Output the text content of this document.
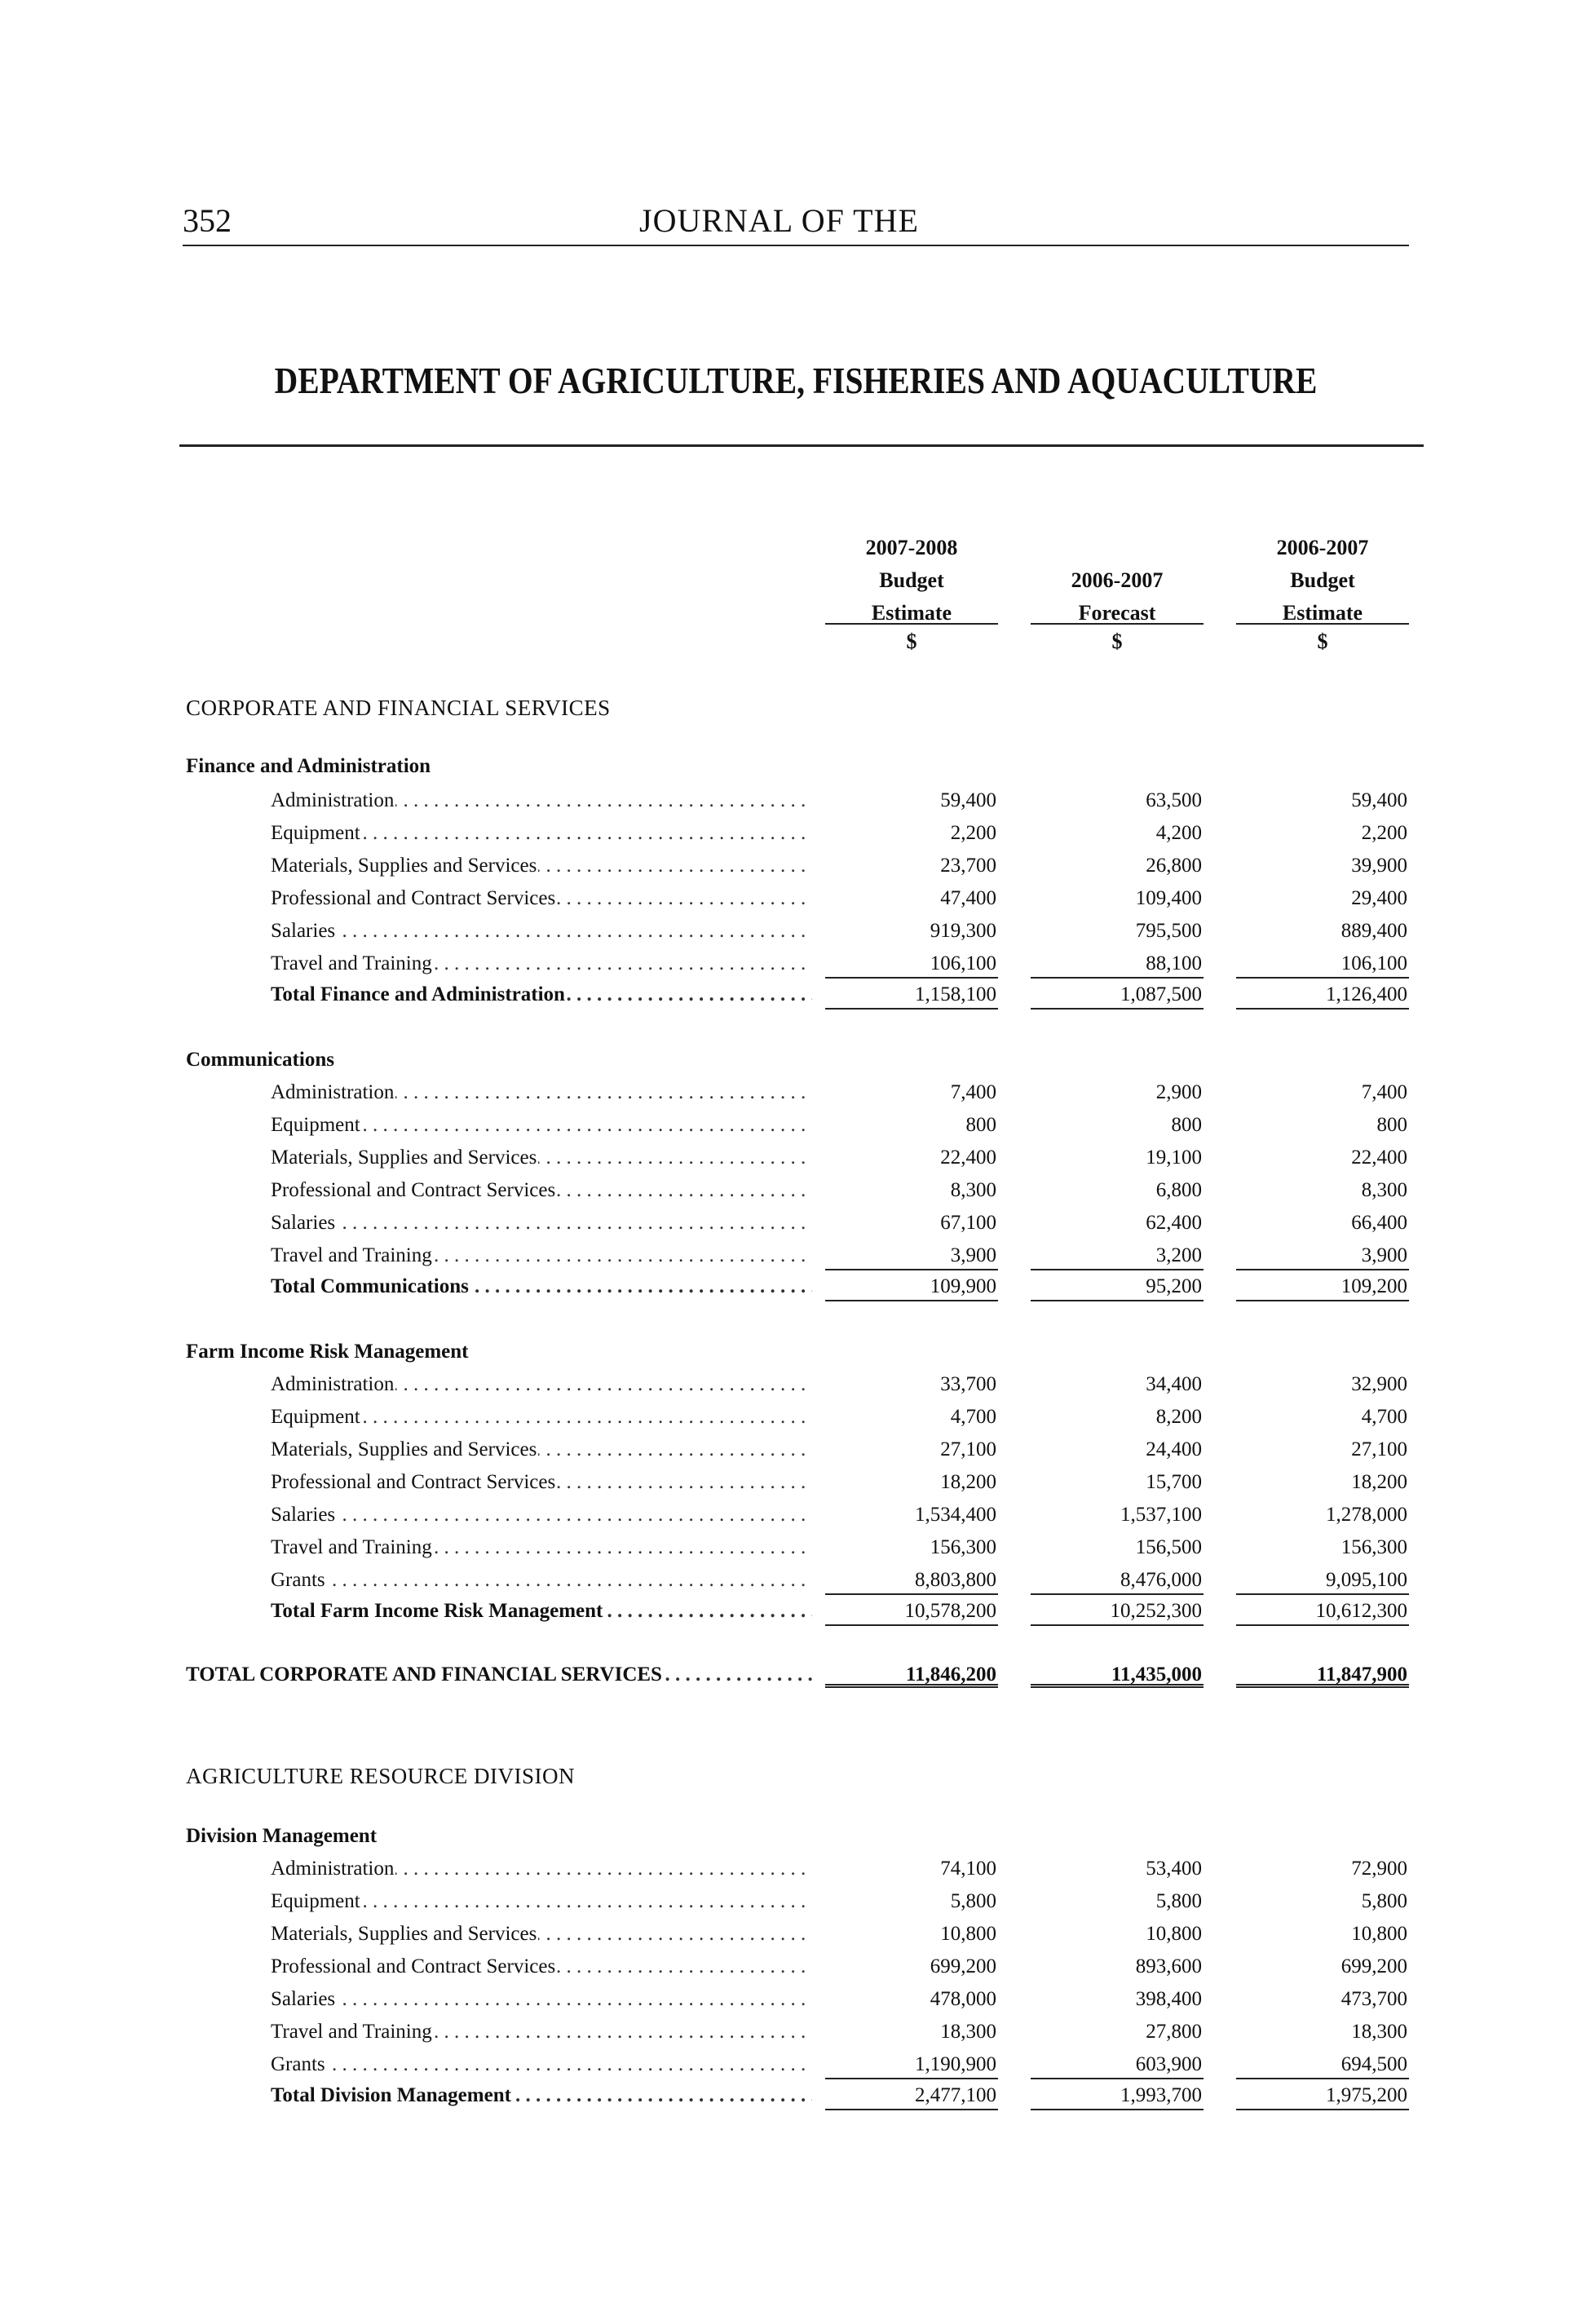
352	JOURNAL OF THE
DEPARTMENT OF AGRICULTURE, FISHERIES AND AQUACULTURE
2007-2008
Budget
Estimate
2006-2007
Forecast
2006-2007
Budget
Estimate
$	$	$
CORPORATE AND FINANCIAL SERVICES
Finance and Administration
Administration . . .	59,400	63,500	59,400
Equipment . . .	2,200	4,200	2,200
Materials, Supplies and Services . . .	23,700	26,800	39,900
Professional and Contract Services . . .	47,400	109,400	29,400
Salaries . . .	919,300	795,500	889,400
Travel and Training . . .	106,100	88,100	106,100
Total Finance and Administration . . .	1,158,100	1,087,500	1,126,400
Communications
Administration . . .	7,400	2,900	7,400
Equipment . . .	800	800	800
Materials, Supplies and Services . . .	22,400	19,100	22,400
Professional and Contract Services . . .	8,300	6,800	8,300
Salaries . . .	67,100	62,400	66,400
Travel and Training . . .	3,900	3,200	3,900
Total Communications . . .	109,900	95,200	109,200
Farm Income Risk Management
Administration . . .	33,700	34,400	32,900
Equipment . . .	4,700	8,200	4,700
Materials, Supplies and Services . . .	27,100	24,400	27,100
Professional and Contract Services . . .	18,200	15,700	18,200
Salaries . . .	1,534,400	1,537,100	1,278,000
Travel and Training . . .	156,300	156,500	156,300
Grants . . .	8,803,800	8,476,000	9,095,100
Total Farm Income Risk Management . . .	10,578,200	10,252,300	10,612,300
TOTAL CORPORATE AND FINANCIAL SERVICES . . .	11,846,200	11,435,000	11,847,900
AGRICULTURE RESOURCE DIVISION
Division Management
Administration . . .	74,100	53,400	72,900
Equipment . . .	5,800	5,800	5,800
Materials, Supplies and Services . . .	10,800	10,800	10,800
Professional and Contract Services . . .	699,200	893,600	699,200
Salaries . . .	478,000	398,400	473,700
Travel and Training . . .	18,300	27,800	18,300
Grants . . .	1,190,900	603,900	694,500
Total Division Management . . .	2,477,100	1,993,700	1,975,200
